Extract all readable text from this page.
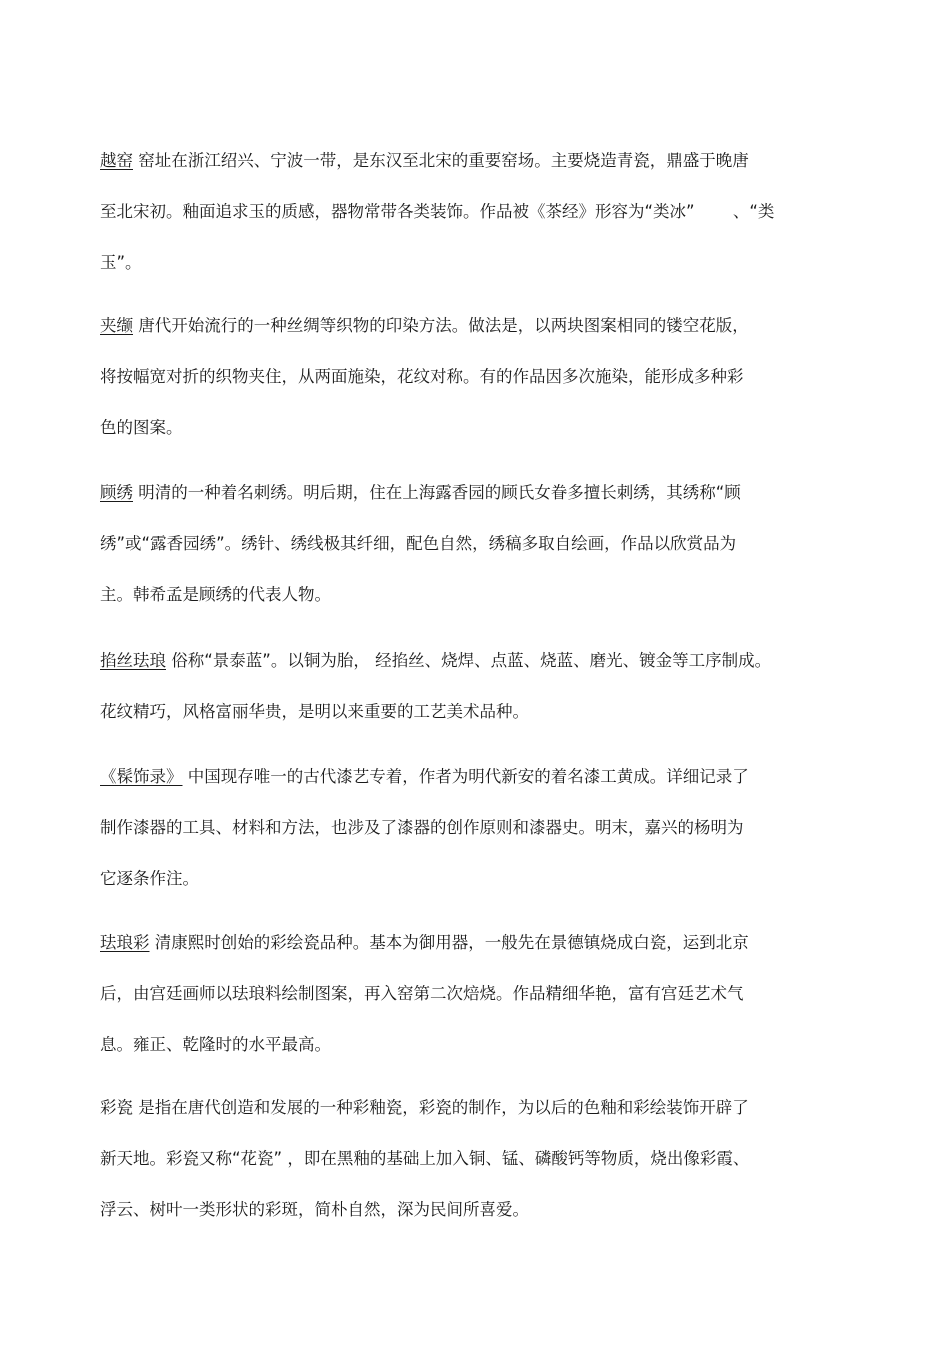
越窑 窑址在浙江绍兴、宁波一带，是东汉至北宋的重要窑场。主要烧造青瓷，鼎盛于晚唐
至北宋初。釉面追求玉的质感，器物常带各类装饰。作品被《茶经》形容为“类冰”　　 、“类
玉”。
夹缬 唐代开始流行的一种丝绸等织物的印染方法。做法是，以两块图案相同的镂空花版，
将按幅宽对折的织物夹住，从两面施染，花纹对称。有的作品因多次施染，能形成多种彩
色的图案。
顾绣 明清的一种着名刺绣。明后期，住在上海露香园的顾氏女眷多擅长刺绣，其绣称“顾
绣”或“露香园绣”。绣针、绣线极其纤细，配色自然，绣稿多取自绘画，作品以欣赏品为
主。韩希孟是顾绣的代表人物。
掐丝珐琅 俗称“景泰蓝”。以铜为胎， 经掐丝、烧焊、点蓝、烧蓝、磨光、镀金等工序制成。
花纹精巧，风格富丽华贵，是明以来重要的工艺美术品种。
《髹饰录》 中国现存唯一的古代漆艺专着，作者为明代新安的着名漆工黄成。详细记录了
制作漆器的工具、材料和方法，也涉及了漆器的创作原则和漆器史。明末，嘉兴的杨明为
它逐条作注。
珐琅彩 清康熙时创始的彩绘瓷品种。基本为御用器，一般先在景德镇烧成白瓷，运到北京
后，由宫廷画师以珐琅料绘制图案，再入窑第二次焙烧。作品精细华艳，富有宫廷艺术气
息。雍正、乾隆时的水平最高。
彩瓷 是指在唐代创造和发展的一种彩釉瓷，彩瓷的制作，为以后的色釉和彩绘装饰开辟了
新天地。彩瓷又称“花瓷” ，即在黑釉的基础上加入铜、锰、磷酸钙等物质，烧出像彩霞、
浮云、树叶一类形状的彩斑，简朴自然，深为民间所喜爱。
